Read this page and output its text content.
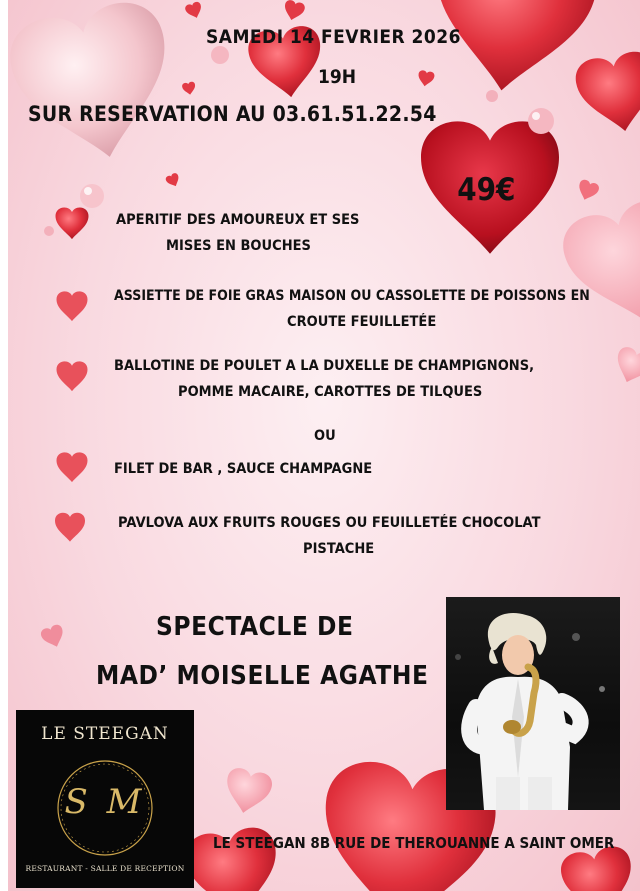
SAMEDI 14 FEVRIER 2026

19H

SUR RESERVATION AU 03.61.51.22.54

49€

APERITIF DES AMOUREUX ET SES

MISES EN BOUCHES

ASSIETTE DE FOIE GRAS MAISON OU CASSOLETTE DE POISSONS EN

CROUTE FEUILLETÉE

BALLOTINE DE POULET A LA DUXELLE DE CHAMPIGNONS,

POMME MACAIRE, CAROTTES DE TILQUES

OU

FILET DE BAR , SAUCE CHAMPAGNE

PAVLOVA AUX FRUITS ROUGES OU FEUILLETÉE CHOCOLAT

PISTACHE

SPECTACLE DE

MAD’ MOISELLE AGATHE

LE STEEGAN
S M
RESTAURANT - SALLE DE RECEPTION

LE STEEGAN 8B RUE DE THEROUANNE A SAINT OMER
